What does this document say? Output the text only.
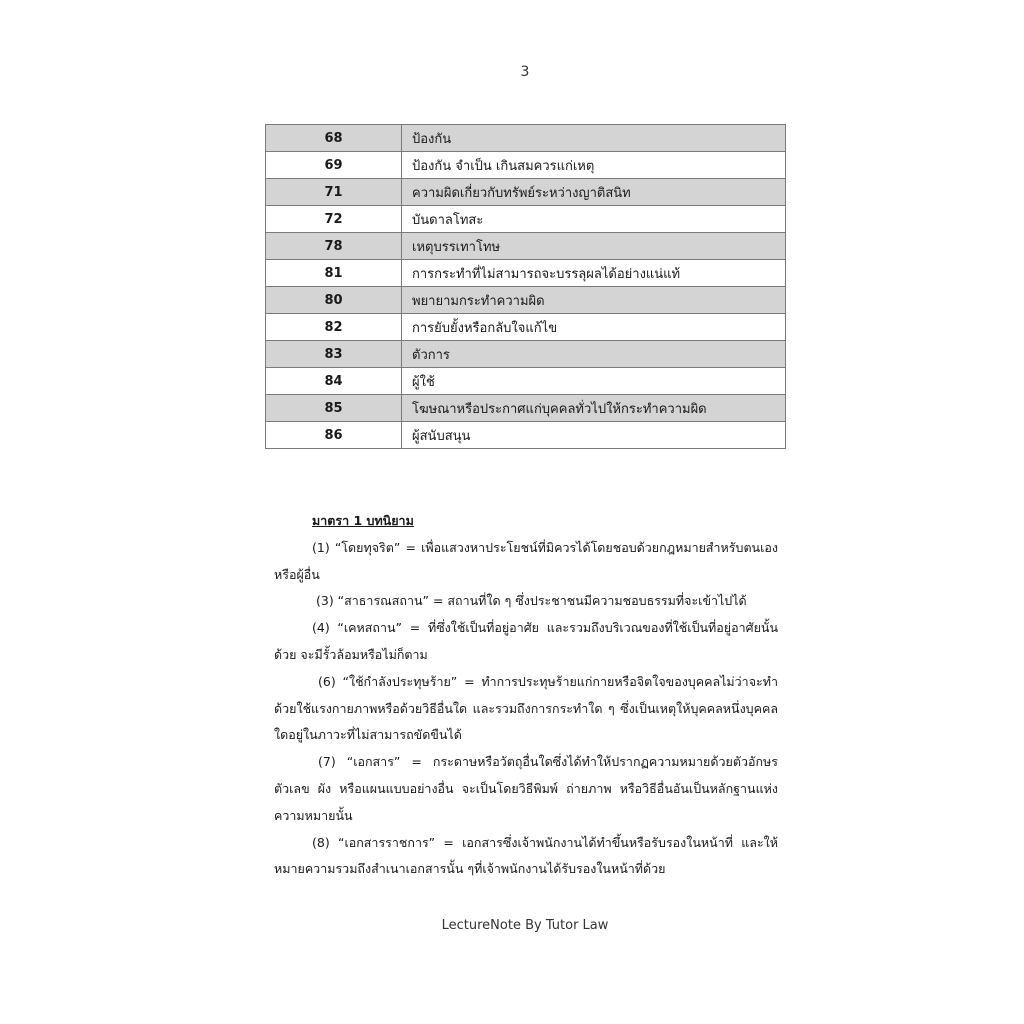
3
68	ป้องกัน
69	ป้องกัน จำเป็น เกินสมควรแก่เหตุ
71	ความผิดเกี่ยวกับทรัพย์ระหว่างญาติสนิท
72	บันดาลโทสะ
78	เหตุบรรเทาโทษ
81	การกระทำที่ไม่สามารถจะบรรลุผลได้อย่างแน่แท้
80	พยายามกระทำความผิด
82	การยับยั้งหรือกลับใจแก้ไข
83	ตัวการ
84	ผู้ใช้
85	โฆษณาหรือประกาศแก่บุคคลทั่วไปให้กระทำความผิด
86	ผู้สนับสนุน
มาตรา 1 บทนิยาม
(1) “โดยทุจริต” = เพื่อแสวงหาประโยชน์ที่มิควรได้โดยชอบด้วยกฎหมายสำหรับตนเองหรือผู้อื่น
(3) “สาธารณสถาน” = สถานที่ใด ๆ ซึ่งประชาชนมีความชอบธรรมที่จะเข้าไปได้
(4) “เคหสถาน” = ที่ซึ่งใช้เป็นที่อยู่อาศัย และรวมถึงบริเวณของที่ใช้เป็นที่อยู่อาศัยนั้นด้วย จะมีรั้วล้อมหรือไม่ก็ตาม
(6) “ใช้กำลังประทุษร้าย” = ทำการประทุษร้ายแก่กายหรือจิตใจของบุคคลไม่ว่าจะทำด้วยใช้แรงกายภาพหรือด้วยวิธีอื่นใด และรวมถึงการกระทำใด ๆ ซึ่งเป็นเหตุให้บุคคลหนึ่งบุคคลใดอยู่ในภาวะที่ไม่สามารถขัดขืนได้
(7) “เอกสาร” = กระดาษหรือวัตถุอื่นใดซึ่งได้ทำให้ปรากฏความหมายด้วยตัวอักษร ตัวเลข ผัง หรือแผนแบบอย่างอื่น จะเป็นโดยวิธีพิมพ์ ถ่ายภาพ หรือวิธีอื่นอันเป็นหลักฐานแห่งความหมายนั้น
(8) “เอกสารราชการ” = เอกสารซึ่งเจ้าพนักงานได้ทำขึ้นหรือรับรองในหน้าที่ และให้หมายความรวมถึงสำเนาเอกสารนั้น ๆที่เจ้าพนักงานได้รับรองในหน้าที่ด้วย
LectureNote By Tutor Law
